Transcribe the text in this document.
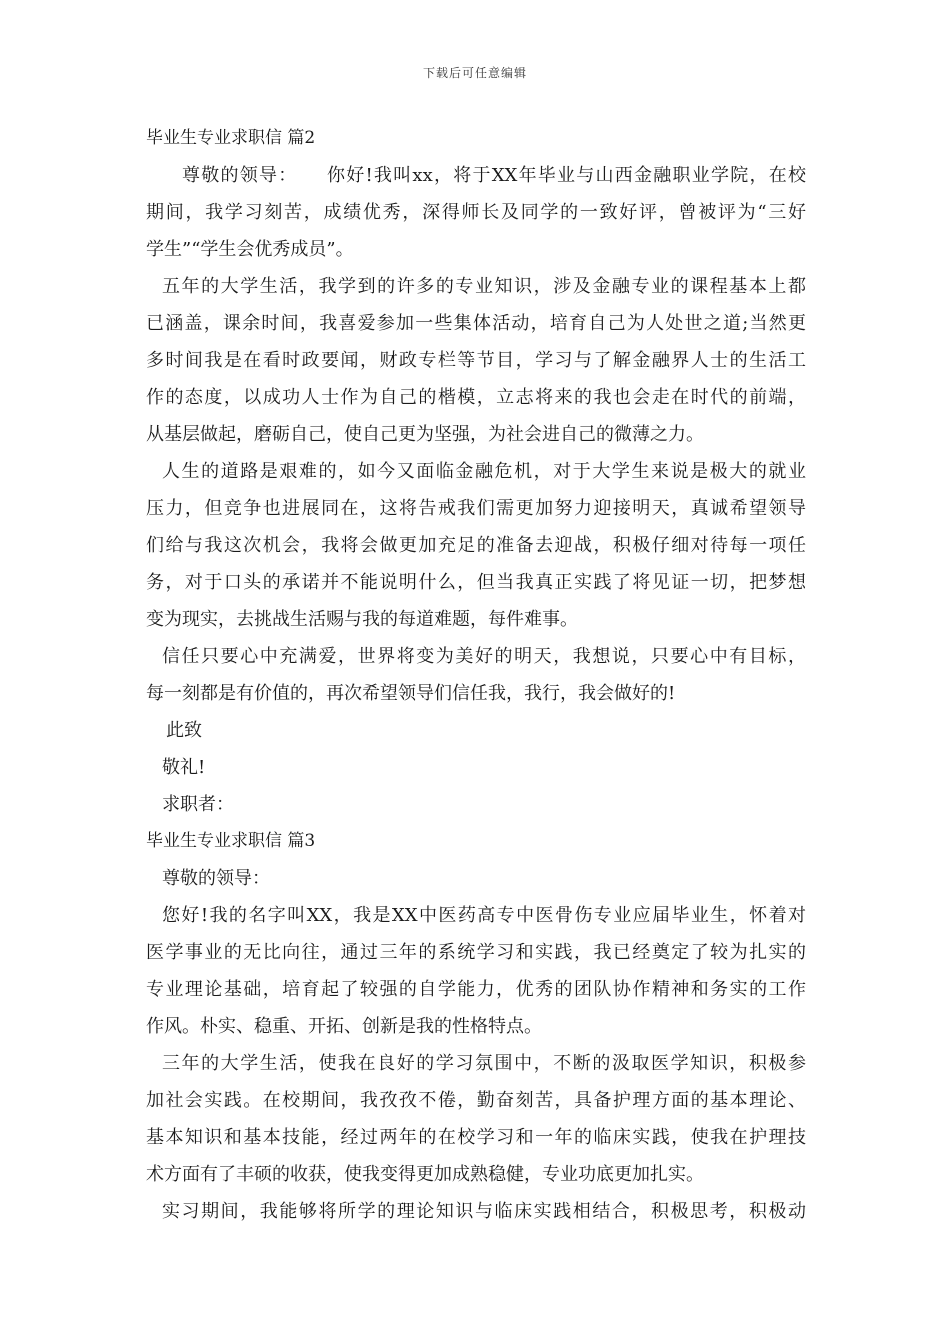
下载后可任意编辑
毕业生专业求职信 篇2
尊敬的领导：　　你好!我叫xx，将于XX年毕业与山西金融职业学院，在校
期间，我学习刻苦，成绩优秀，深得师长及同学的一致好评，曾被评为“三好
学生”“学生会优秀成员”。
五年的大学生活，我学到的许多的专业知识，涉及金融专业的课程基本上都
已涵盖，课余时间，我喜爱参加一些集体活动，培育自己为人处世之道;当然更
多时间我是在看时政要闻，财政专栏等节目，学习与了解金融界人士的生活工
作的态度，以成功人士作为自己的楷模，立志将来的我也会走在时代的前端，
从基层做起，磨砺自己，使自己更为坚强，为社会进自己的微薄之力。
人生的道路是艰难的，如今又面临金融危机，对于大学生来说是极大的就业
压力，但竞争也进展同在，这将告戒我们需更加努力迎接明天，真诚希望领导
们给与我这次机会，我将会做更加充足的准备去迎战，积极仔细对待每一项任
务，对于口头的承诺并不能说明什么，但当我真正实践了将见证一切，把梦想
变为现实，去挑战生活赐与我的每道难题，每件难事。
信任只要心中充满爱，世界将变为美好的明天，我想说，只要心中有目标，
每一刻都是有价值的，再次希望领导们信任我，我行，我会做好的!
此致
敬礼!
求职者：
毕业生专业求职信 篇3
尊敬的领导：
您好!我的名字叫XX，我是XX中医药高专中医骨伤专业应届毕业生，怀着对
医学事业的无比向往，通过三年的系统学习和实践，我已经奠定了较为扎实的
专业理论基础，培育起了较强的自学能力，优秀的团队协作精神和务实的工作
作风。朴实、稳重、开拓、创新是我的性格特点。
三年的大学生活，使我在良好的学习氛围中，不断的汲取医学知识，积极参
加社会实践。在校期间，我孜孜不倦，勤奋刻苦，具备护理方面的基本理论、
基本知识和基本技能，经过两年的在校学习和一年的临床实践，使我在护理技
术方面有了丰硕的收获，使我变得更加成熟稳健，专业功底更加扎实。
实习期间，我能够将所学的理论知识与临床实践相结合，积极思考，积极动
